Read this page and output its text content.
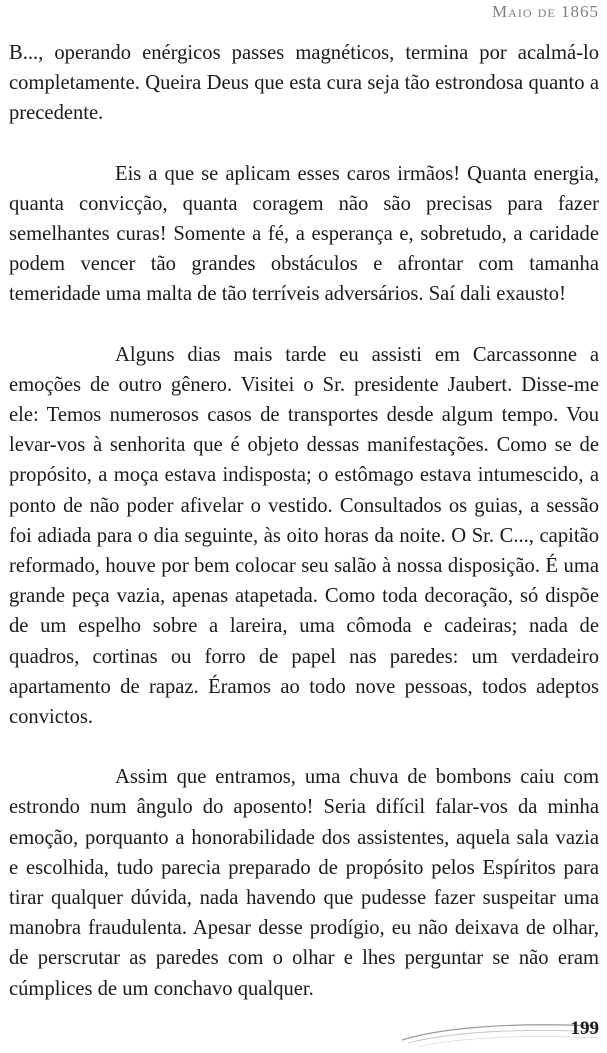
Maio de 1865

B..., operando enérgicos passes magnéticos, termina por acalmá-lo completamente. Queira Deus que esta cura seja tão estrondosa quanto a precedente.

Eis a que se aplicam esses caros irmãos! Quanta energia, quanta convicção, quanta coragem não são precisas para fazer semelhantes curas! Somente a fé, a esperança e, sobretudo, a caridade podem vencer tão grandes obstáculos e afrontar com tamanha temeridade uma malta de tão terríveis adversários. Saí dali exausto!

Alguns dias mais tarde eu assisti em Carcassonne a emoções de outro gênero. Visitei o Sr. presidente Jaubert. Disse-me ele: Temos numerosos casos de transportes desde algum tempo. Vou levar-vos à senhorita que é objeto dessas manifestações. Como se de propósito, a moça estava indisposta; o estômago estava intumescido, a ponto de não poder afivelar o vestido. Consultados os guias, a sessão foi adiada para o dia seguinte, às oito horas da noite. O Sr. C..., capitão reformado, houve por bem colocar seu salão à nossa disposição. É uma grande peça vazia, apenas atapetada. Como toda decoração, só dispõe de um espelho sobre a lareira, uma cômoda e cadeiras; nada de quadros, cortinas ou forro de papel nas paredes: um verdadeiro apartamento de rapaz. Éramos ao todo nove pessoas, todos adeptos convictos.

Assim que entramos, uma chuva de bombons caiu com estrondo num ângulo do aposento! Seria difícil falar-vos da minha emoção, porquanto a honorabilidade dos assistentes, aquela sala vazia e escolhida, tudo parecia preparado de propósito pelos Espíritos para tirar qualquer dúvida, nada havendo que pudesse fazer suspeitar uma manobra fraudulenta. Apesar desse prodígio, eu não deixava de olhar, de perscrutar as paredes com o olhar e lhes perguntar se não eram cúmplices de um conchavo qualquer.

199
